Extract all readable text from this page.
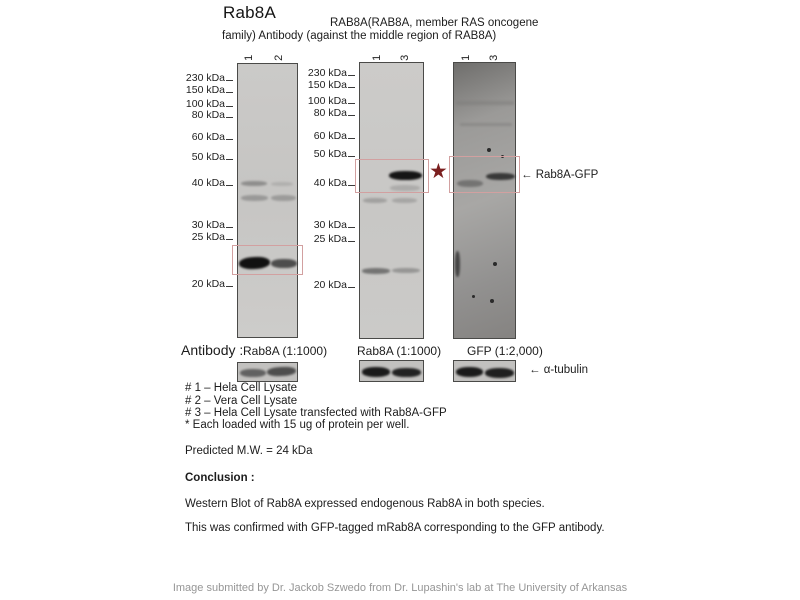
Rab8A
RAB8A(RAB8A, member RAS oncogene
family) Antibody (against the middle region of RAB8A)
230 kDa
150 kDa
100 kDa
80 kDa
60 kDa
50 kDa
40 kDa
30 kDa
25 kDa
20 kDa
230 kDa
150 kDa
100 kDa
80 kDa
60 kDa
50 kDa
40 kDa
30 kDa
25 kDa
20 kDa
★	← Rab8A-GFP
Antibody : Rab8A (1:1000) Rab8A (1:1000) GFP (1:2,000)
← α-tubulin
# 1 – Hela Cell Lysate
# 2 – Vera Cell Lysate
# 3 – Hela Cell Lysate transfected with Rab8A-GFP
* Each loaded with 15 ug of protein per well.
Predicted M.W. = 24 kDa
Conclusion :
Western Blot of Rab8A expressed endogenous Rab8A in both species.
This was confirmed with GFP-tagged mRab8A corresponding to the GFP antibody.
Image submitted by Dr. Jackob Szwedo from Dr. Lupashin's lab at The University of Arkansas
